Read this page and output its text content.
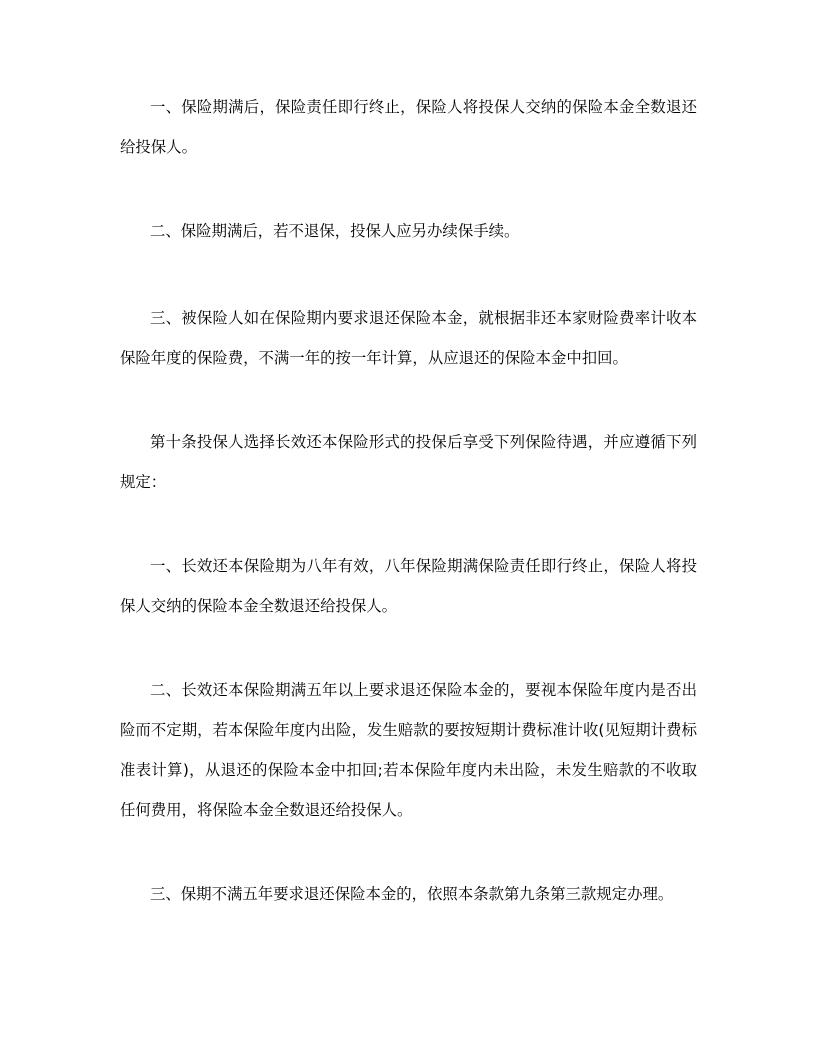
一、保险期满后，保险责任即行终止，保险人将投保人交纳的保险本金全数退还给投保人。

二、保险期满后，若不退保，投保人应另办续保手续。

三、被保险人如在保险期内要求退还保险本金，就根据非还本家财险费率计收本保险年度的保险费，不满一年的按一年计算，从应退还的保险本金中扣回。

第十条投保人选择长效还本保险形式的投保后享受下列保险待遇，并应遵循下列规定：

一、长效还本保险期为八年有效，八年保险期满保险责任即行终止，保险人将投保人交纳的保险本金全数退还给投保人。

二、长效还本保险期满五年以上要求退还保险本金的，要视本保险年度内是否出险而不定期，若本保险年度内出险，发生赔款的要按短期计费标准计收(见短期计费标准表计算)，从退还的保险本金中扣回;若本保险年度内未出险，未发生赔款的不收取任何费用，将保险本金全数退还给投保人。

三、保期不满五年要求退还保险本金的，依照本条款第九条第三款规定办理。
